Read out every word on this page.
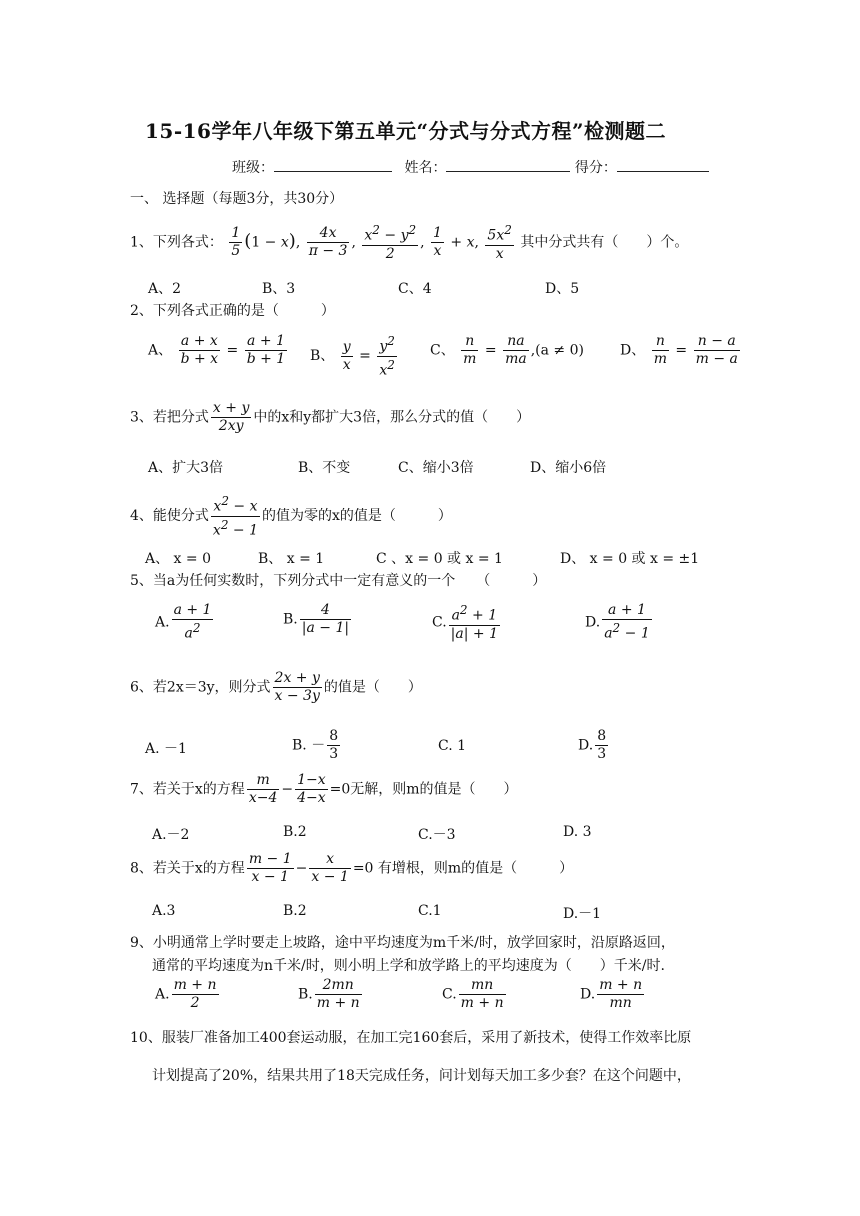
15-16学年八年级下第五单元“分式与分式方程”检测题二
班级：	姓名：	得分：
一、 选择题（每题3分，共30分）
1、下列各式： $\frac{1}{5} (1 - x)$, $\frac{4x}{\pi - 3}$ , $\frac{x^2 - y^2}{2}$ , $\frac{1}{x} + x$, $\frac{5x^2}{x}$ 其中分式共有（　　）个。
A、2	B、3	C、4	D、5
2、下列各式正确的是（　　　）
A、 $\frac{a + x}{b + x} = \frac{a + 1}{b + 1}$ B、 $\frac{y}{x} = \frac{y^2}{x^2}$ C、 $\frac{n}{m} = \frac{na}{ma} ,(a \ne 0)$	D、 $\frac{n}{m} = \frac{n - a}{m - a}$
3、若把分式 $\frac{x + y}{2xy}$ 中的x和y都扩大3倍，那么分式的值（　　）
A、扩大3倍	B、不变	C、缩小3倍	D、缩小6倍
4、能使分式 $\frac{x^2 - x}{x^2 - 1}$ 的值为零的x的值是（　　　）
A、 x = 0	B、 x = 1	C 、x = 0 或 x = 1	D、 x = 0 或 x = ±1
5、当a为任何实数时，下列分式中一定有意义的一个　　（　　　）
A. $\frac{a + 1}{a^2}$	B. $\frac{4}{|a - 1|}$	C. $\frac{a^2 + 1}{|a| + 1}$	D. $\frac{a + 1}{a^2 - 1}$
6、若2x＝3y，则分式 $\frac{2x + y}{x - 3y}$ 的值是（　　）
A. －1	B. － $\frac{8}{3}$	C. 1	D. $\frac{8}{3}$
7、若关于x的方程 $\frac{m}{x-4} - \frac{1-x}{4-x} =0$无解，则m的值是（　　）
A.－2	B.2	C.－3	D. 3
8、若关于x的方程 $\frac{m - 1}{x - 1} - \frac{x}{x - 1} =0$ 有增根，则m的值是（　　　）
A.3	B.2	C.1	D.－1
9、小明通常上学时要走上坡路，途中平均速度为m千米/时，放学回家时，沿原路返回，
通常的平均速度为n千米/时，则小明上学和放学路上的平均速度为（　　）千米/时.
A. $\frac{m + n}{2}$	B. $\frac{2mn}{m + n}$	C. $\frac{mn}{m + n}$	D. $\frac{m + n}{mn}$
10、服装厂准备加工400套运动服，在加工完160套后，采用了新技术，使得工作效率比原
计划提高了20%，结果共用了18天完成任务，问计划每天加工多少套？在这个问题中，
